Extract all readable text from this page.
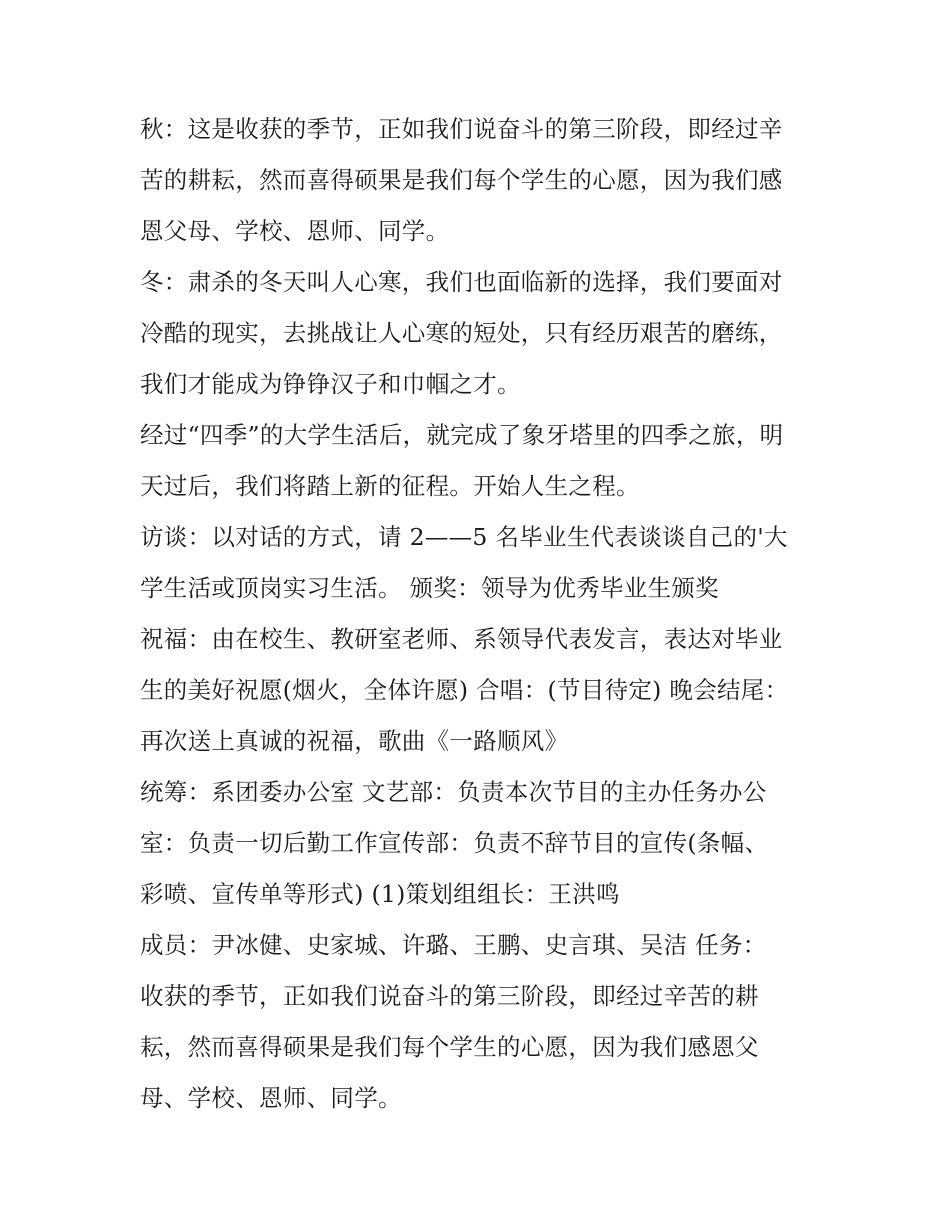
秋：这是收获的季节，正如我们说奋斗的第三阶段，即经过辛
苦的耕耘，然而喜得硕果是我们每个学生的心愿，因为我们感
恩父母、学校、恩师、同学。
冬：肃杀的冬天叫人心寒，我们也面临新的选择，我们要面对
冷酷的现实，去挑战让人心寒的短处，只有经历艰苦的磨练，
我们才能成为铮铮汉子和巾帼之才。
经过“四季”的大学生活后，就完成了象牙塔里的四季之旅，明
天过后，我们将踏上新的征程。开始人生之程。
访谈：以对话的方式，请 2——5 名毕业生代表谈谈自己的'大
学生活或顶岗实习生活。 颁奖：领导为优秀毕业生颁奖
祝福：由在校生、教研室老师、系领导代表发言，表达对毕业
生的美好祝愿(烟火，全体许愿) 合唱：(节目待定) 晚会结尾：
再次送上真诚的祝福，歌曲《一路顺风》
统筹：系团委办公室 文艺部：负责本次节目的主办任务办公
室：负责一切后勤工作宣传部：负责不辞节目的宣传(条幅、
彩喷、宣传单等形式) (1)策划组组长：王洪鸣
成员：尹冰健、史家城、许璐、王鹏、史言琪、吴洁 任务：
收获的季节，正如我们说奋斗的第三阶段，即经过辛苦的耕
耘，然而喜得硕果是我们每个学生的心愿，因为我们感恩父
母、学校、恩师、同学。
